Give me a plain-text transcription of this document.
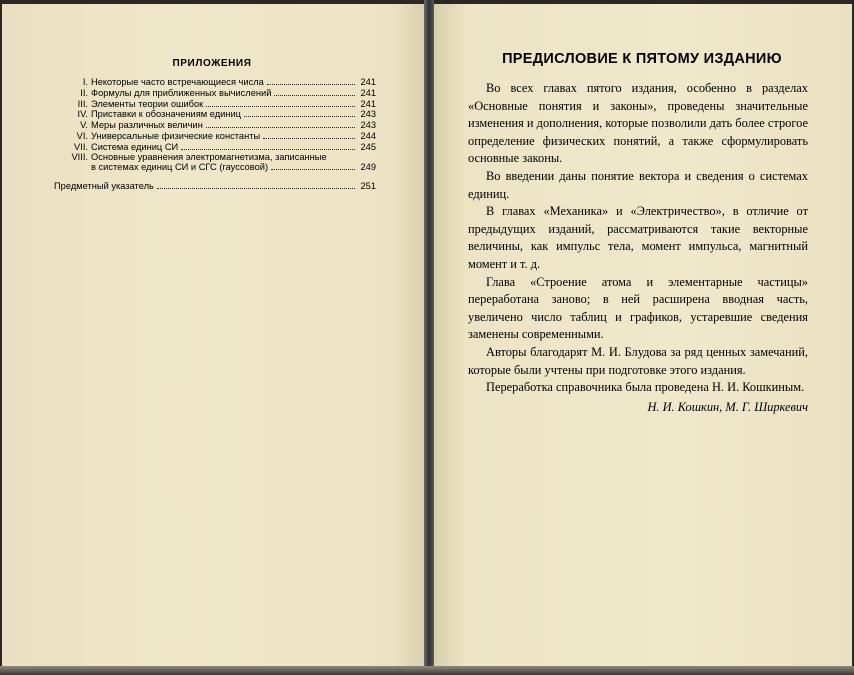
ПРИЛОЖЕНИЯ
I. Некоторые часто встречающиеся числа	241
II. Формулы для приближенных вычислений	241
III. Элементы теории ошибок	241
IV. Приставки к обозначениям единиц	243
V. Меры различных величин	243
VI. Универсальные физические константы	244
VII. Система единиц СИ	245
VIII. Основные уравнения электромагнетизма, записанные
в системах единиц СИ и СГС (гауссовой)	249
Предметный указатель	251
ПРЕДИСЛОВИЕ К ПЯТОМУ ИЗДАНИЮ

Во всех главах пятого издания, особенно в разделах «Основные понятия и законы», проведены значительные изменения и дополнения, которые позволили дать более строгое определение физических понятий, а также сформулировать основные законы.

Во введении даны понятие вектора и сведения о системах единиц.

В главах «Механика» и «Электричество», в отличие от предыдущих изданий, рассматриваются такие векторные величины, как импульс тела, момент импульса, магнитный момент и т. д.

Глава «Строение атома и элементарные частицы» переработана заново; в ней расширена вводная часть, увеличено число таблиц и графиков, устаревшие сведения заменены современными.

Авторы благодарят М. И. Блудова за ряд ценных замечаний, которые были учтены при подготовке этого издания.

Переработка справочника была проведена Н. И. Кошкиным.

Н. И. Кошкин, М. Г. Ширкевич
